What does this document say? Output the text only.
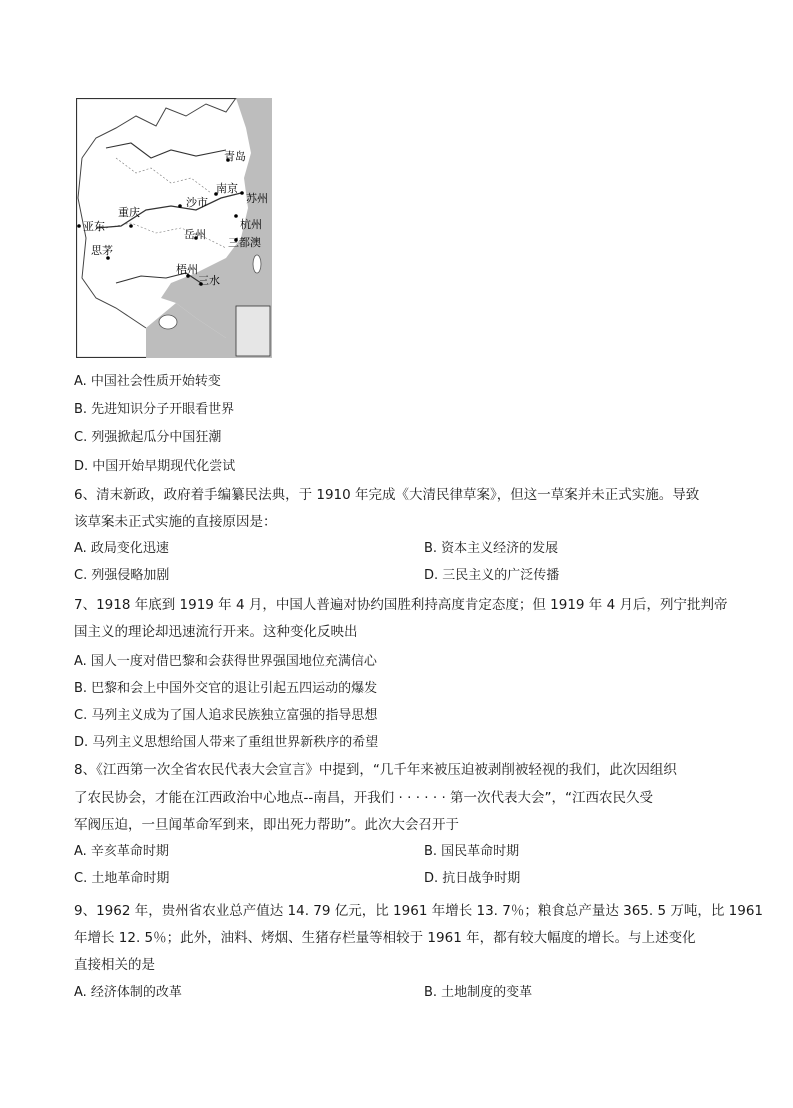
青岛
南京
苏州
沙市
重庆
杭州
亚东
岳州
三都澳
思茅
梧州
三水
A. 中国社会性质开始转变
B. 先进知识分子开眼看世界
C. 列强掀起瓜分中国狂潮
D. 中国开始早期现代化尝试
6、清末新政，政府着手编纂民法典，于 1910 年完成《大清民律草案》，但这一草案并未正式实施。导致
该草案未正式实施的直接原因是：
A. 政局变化迅速	B. 资本主义经济的发展
C. 列强侵略加剧	D. 三民主义的广泛传播
7、1918 年底到 1919 年 4 月，中国人普遍对协约国胜利持高度肯定态度；但 1919 年 4 月后，列宁批判帝
国主义的理论却迅速流行开来。这种变化反映出
A. 国人一度对借巴黎和会获得世界强国地位充满信心
B. 巴黎和会上中国外交官的退让引起五四运动的爆发
C. 马列主义成为了国人追求民族独立富强的指导思想
D. 马列主义思想给国人带来了重组世界新秩序的希望
8、《江西第一次全省农民代表大会宣言》中提到，“几千年来被压迫被剥削被轻视的我们，此次因组织
了农民协会，才能在江西政治中心地点--南昌，开我们 · · · · · · 第一次代表大会”，“江西农民久受
军阀压迫，一旦闻革命军到来，即出死力帮助”。此次大会召开于
A. 辛亥革命时期	B. 国民革命时期
C. 土地革命时期	D. 抗日战争时期
9、1962 年，贵州省农业总产值达 14. 79 亿元，比 1961 年增长 13. 7％；粮食总产量达 365. 5 万吨，比 1961
年增长 12. 5％；此外，油料、烤烟、生猪存栏量等相较于 1961 年，都有较大幅度的增长。与上述变化
直接相关的是
A. 经济体制的改革	B. 土地制度的变革
